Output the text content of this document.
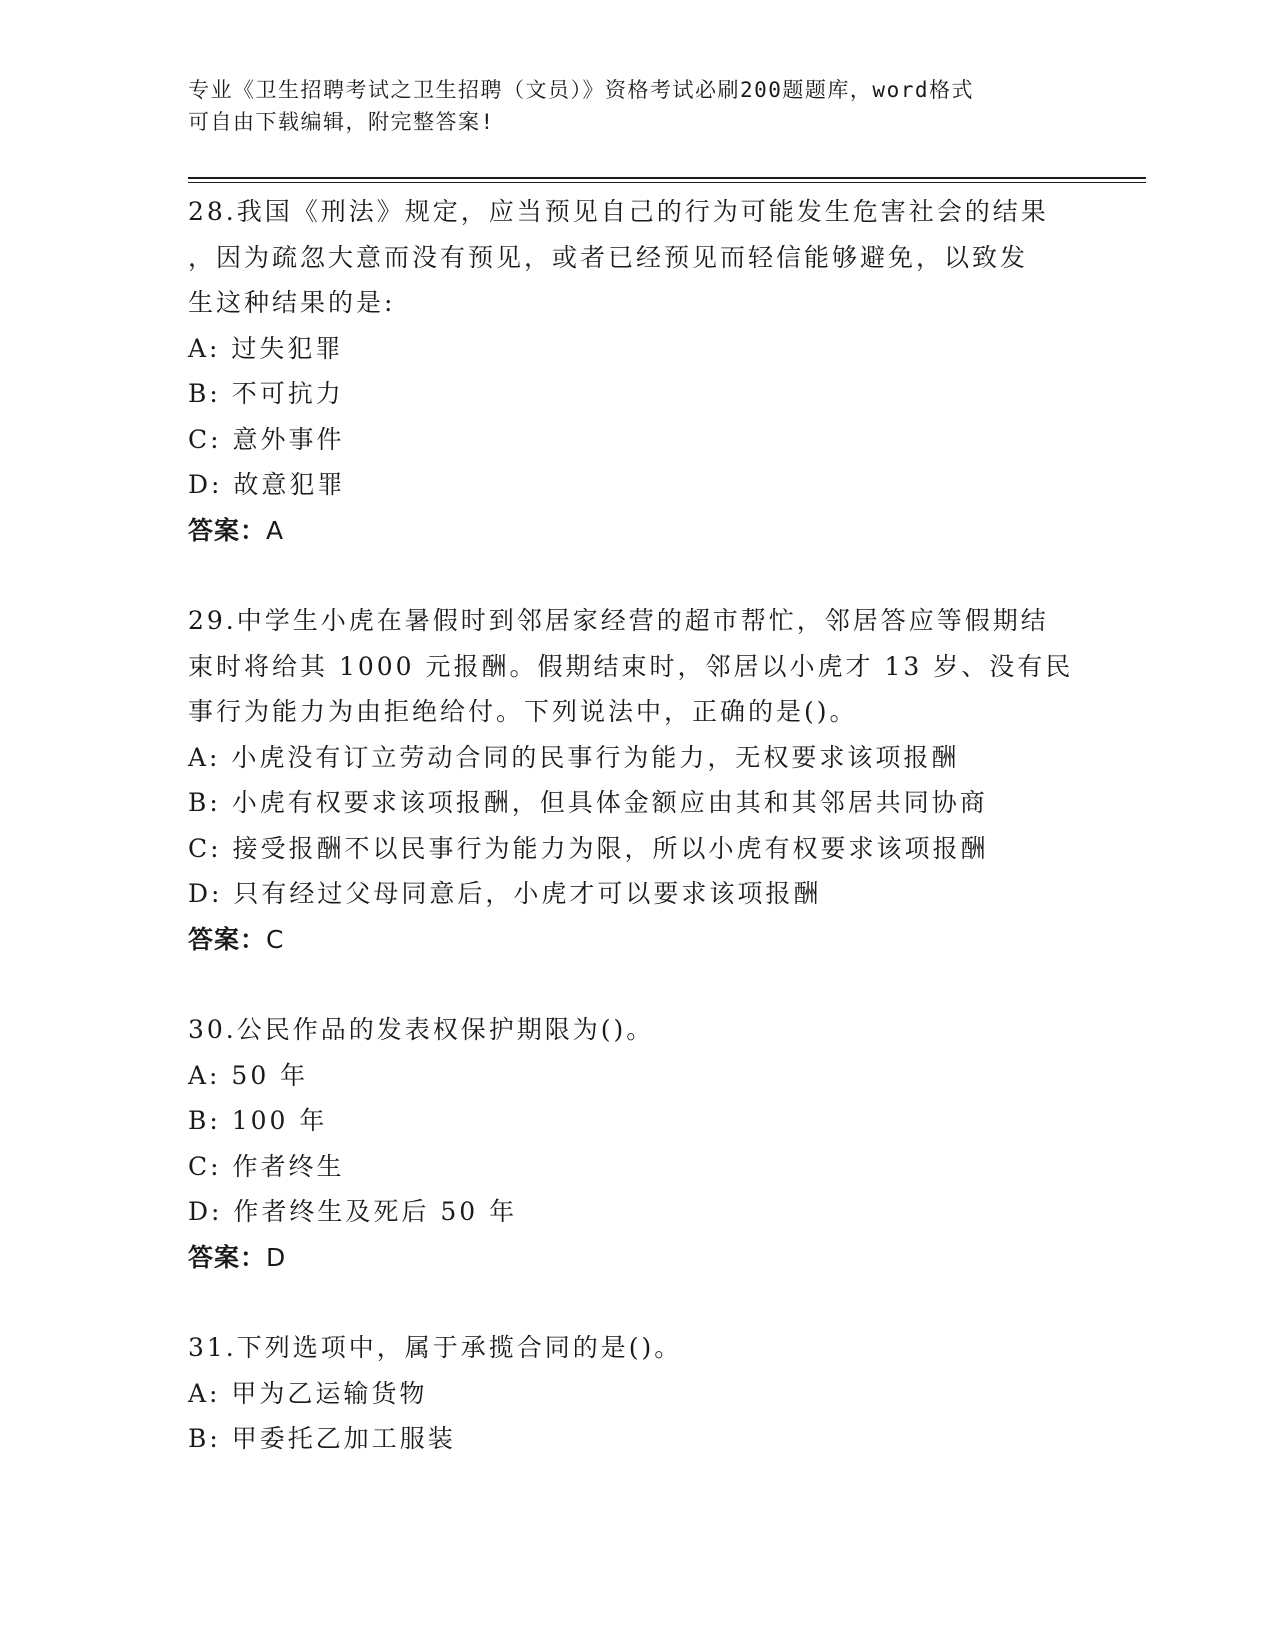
专业《卫生招聘考试之卫生招聘（文员）》资格考试必刷200题题库，word格式
可自由下载编辑，附完整答案!
28.我国《刑法》规定，应当预见自己的行为可能发生危害社会的结果
，因为疏忽大意而没有预见，或者已经预见而轻信能够避免，以致发
生这种结果的是:
A: 过失犯罪
B: 不可抗力
C: 意外事件
D: 故意犯罪
答案：A
29.中学生小虎在暑假时到邻居家经营的超市帮忙，邻居答应等假期结
束时将给其 1000 元报酬。假期结束时，邻居以小虎才 13 岁、没有民
事行为能力为由拒绝给付。下列说法中，正确的是()。
A: 小虎没有订立劳动合同的民事行为能力，无权要求该项报酬
B: 小虎有权要求该项报酬，但具体金额应由其和其邻居共同协商
C: 接受报酬不以民事行为能力为限，所以小虎有权要求该项报酬
D: 只有经过父母同意后，小虎才可以要求该项报酬
答案：C
30.公民作品的发表权保护期限为()。
A: 50 年
B: 100 年
C: 作者终生
D: 作者终生及死后 50 年
答案：D
31.下列选项中，属于承揽合同的是()。
A: 甲为乙运输货物
B: 甲委托乙加工服装
